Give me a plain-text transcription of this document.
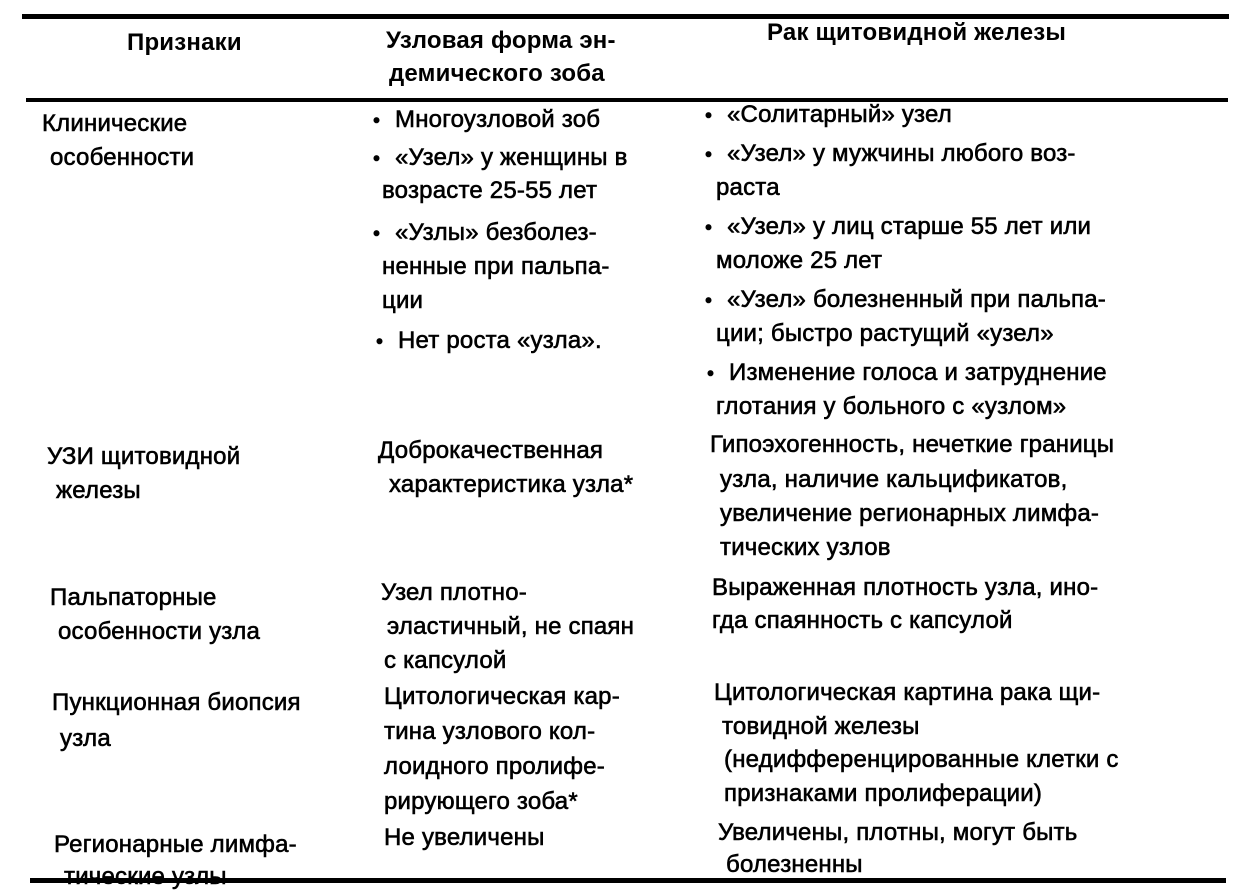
Признаки	Узловая форма эн-
демического зоба
Рак щитовидной железы
Клинические
особенности
• Многоузловой зоб
• «Узел» у женщины в
возрасте 25-55 лет
• «Узлы» безболез-
ненные при пальпа-
ции
• Нет роста «узла».
• «Солитарный» узел
• «Узел» у мужчины любого воз-
раста
• «Узел» у лиц старше 55 лет или
моложе 25 лет
• «Узел» болезненный при пальпа-
ции; быстро растущий «узел»
• Изменение голоса и затруднение
глотания у больного с «узлом»
УЗИ щитовидной
железы
Доброкачественная
характеристика узла*
Гипоэхогенность, нечеткие границы
узла, наличие кальцификатов,
увеличение регионарных лимфа-
тических узлов
Пальпаторные
особенности узла
Узел плотно-
эластичный, не спаян
с капсулой
Выраженная плотность узла, ино-
гда спаянность с капсулой
Пункционная биопсия
узла
Цитологическая кар-
тина узлового кол-
лоидного пролифе-
рирующего зоба*
Цитологическая картина рака щи-
товидной железы
(недифференцированные клетки с
признаками пролиферации)
Регионарные лимфа-
тические узлы
Не увеличены	Увеличены, плотны, могут быть
болезненны
